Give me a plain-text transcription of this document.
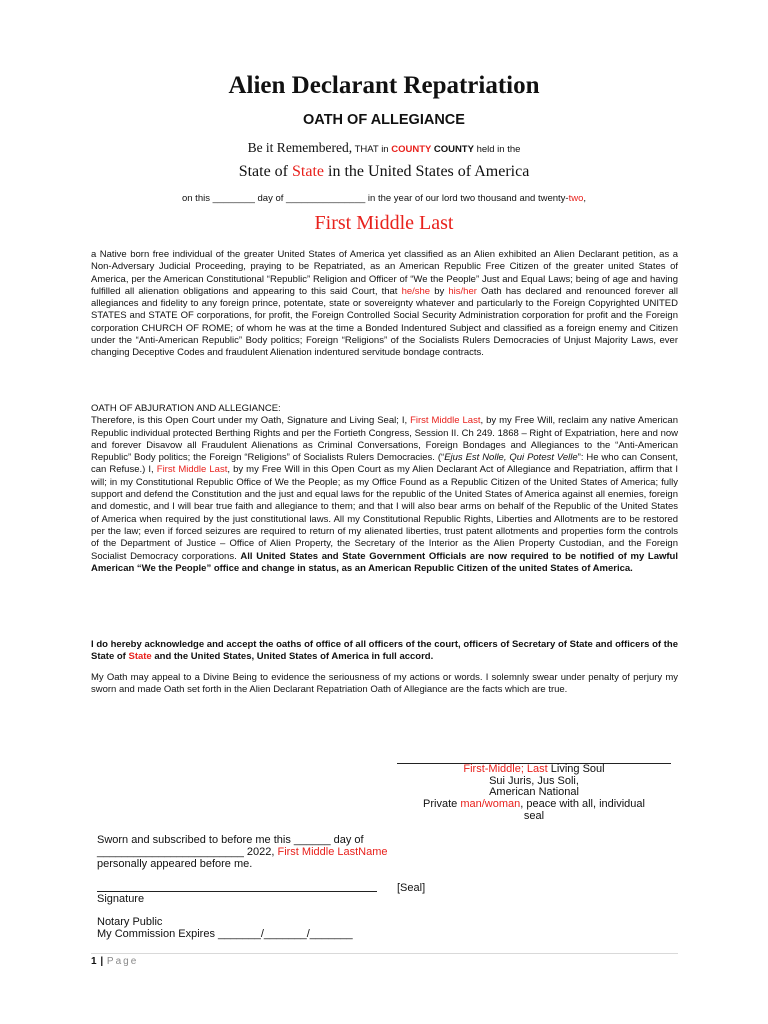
Alien Declarant Repatriation
OATH OF ALLEGIANCE
Be it Remembered, THAT in COUNTY COUNTY held in the
State of State in the United States of America
on this ________ day of _______________ in the year of our lord two thousand and twenty-two,
First Middle Last
a Native born free individual of the greater United States of America yet classified as an Alien exhibited an Alien Declarant petition, as a Non-Adversary Judicial Proceeding, praying to be Repatriated, as an American Republic Free Citizen of the greater united States of America, per the American Constitutional “Republic” Religion and Officer of “We the People” Just and Equal Laws; being of age and having fulfilled all alienation obligations and appearing to this said Court, that he/she by his/her Oath has declared and renounced forever all allegiances and fidelity to any foreign prince, potentate, state or sovereignty whatever and particularly to the Foreign Copyrighted UNITED STATES and STATE OF corporations, for profit, the Foreign Controlled Social Security Administration corporation for profit and the Foreign corporation CHURCH OF ROME; of whom he was at the time a Bonded Indentured Subject and classified as a foreign enemy and Citizen under the “Anti-American Republic” Body politics; Foreign “Religions” of the Socialists Rulers Democracies of Unjust Majority Laws, ever changing Deceptive Codes and fraudulent Alienation indentured servitude bondage contracts.
OATH OF ABJURATION AND ALLEGIANCE:
Therefore, is this Open Court under my Oath, Signature and Living Seal; I, First Middle Last, by my Free Will, reclaim any native American Republic individual protected Berthing Rights and per the Fortieth Congress, Session II. Ch 249. 1868 – Right of Expatriation, here and now and forever Disavow all Fraudulent Alienations as Criminal Conversations, Foreign Bondages and Allegiances to the “Anti-American Republic” Body politics; the Foreign “Religions” of Socialists Rulers Democracies. (“Ejus Est Nolle, Qui Potest Velle”: He who can Consent, can Refuse.) I, First Middle Last, by my Free Will in this Open Court as my Alien Declarant Act of Allegiance and Repatriation, affirm that I will; in my Constitutional Republic Office of We the People; as my Office Found as a Republic Citizen of the United States of America; fully support and defend the Constitution and the just and equal laws for the republic of the United States of America against all enemies, foreign and domestic, and I will bear true faith and allegiance to them; and that I will also bear arms on behalf of the Republic of the United States of America when required by the just constitutional laws. All my Constitutional Republic Rights, Liberties and Allotments are to be restored per the law; even if forced seizures are required to return of my alienated liberties, trust patent allotments and properties form the controls of the Department of Justice – Office of Alien Property, the Secretary of the Interior as the Alien Property Custodian, and the Foreign Socialist Democracy corporations. All United States and State Government Officials are now required to be notified of my Lawful American “We the People” office and change in status, as an American Republic Citizen of the united States of America.
I do hereby acknowledge and accept the oaths of office of all officers of the court, officers of Secretary of State and officers of the State of State and the United States, United States of America in full accord.
My Oath may appeal to a Divine Being to evidence the seriousness of my actions or words. I solemnly swear under penalty of perjury my sworn and made Oath set forth in the Alien Declarant Repatriation Oath of Allegiance are the facts which are true.
First-Middle; Last Living Soul
Sui Juris, Jus Soli,
American National
Private man/woman, peace with all, individual
seal
Sworn and subscribed to before me this ______ day of ________________________ 2022, First Middle LastName personally appeared before me.
[Seal]
Signature
Notary Public
My Commission Expires _______/_______/_______
1 | Page
